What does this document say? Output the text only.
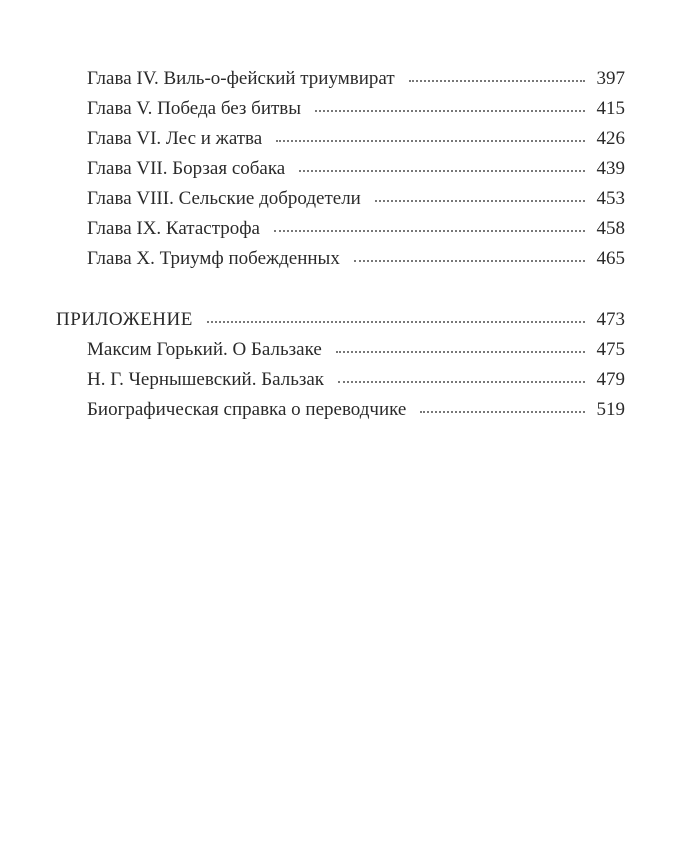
Глава IV. Виль-о-фейский триумвират	397
Глава V. Победа без битвы	415
Глава VI. Лес и жатва	426
Глава VII. Борзая собака	439
Глава VIII. Сельские добродетели	453
Глава IX. Катастрофа	458
Глава X. Триумф побежденных	465
ПРИЛОЖЕНИЕ	473
Максим Горький. О Бальзаке	475
Н. Г. Чернышевский. Бальзак	479
Биографическая справка о переводчике	519
